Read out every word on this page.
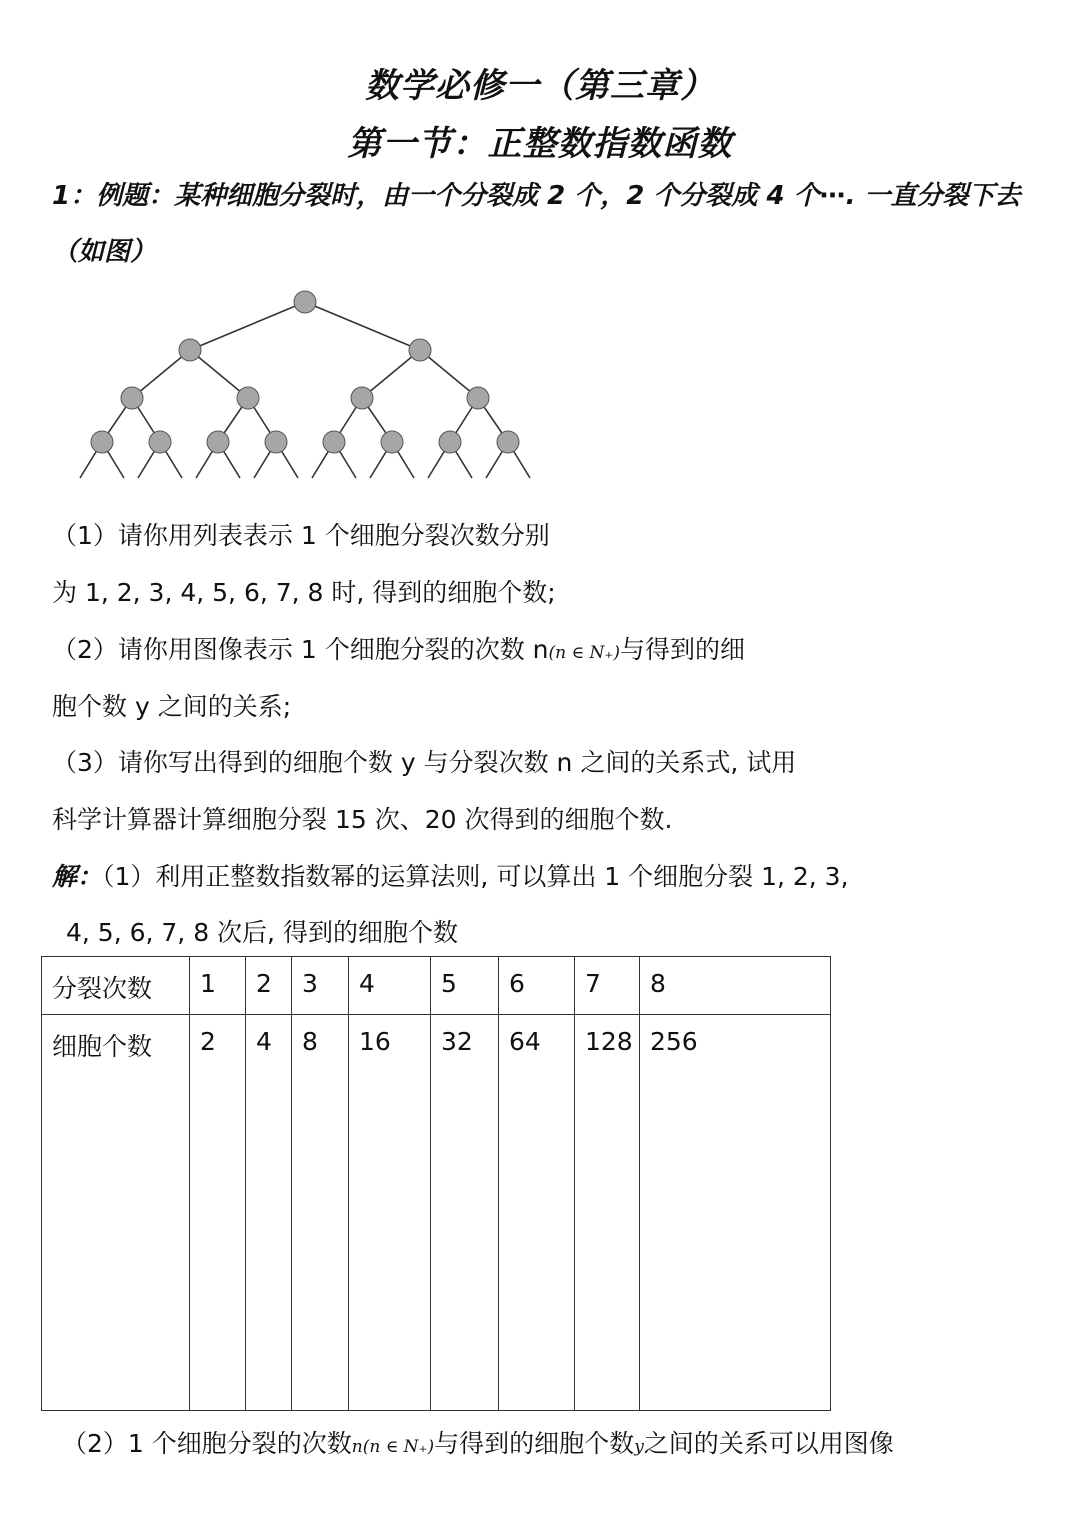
数学必修一（第三章）
第一节：正整数指数函数
1：例题：某种细胞分裂时，由一个分裂成 2 个，2 个分裂成 4 个⋯. 一直分裂下去（如图）
（1）请你用列表表示 1 个细胞分裂次数分别
为 1, 2, 3, 4, 5, 6, 7, 8 时, 得到的细胞个数;
（2）请你用图像表示 1 个细胞分裂的次数 n(n ∈ N₊)与得到的细
胞个数 y 之间的关系;
（3）请你写出得到的细胞个数 y 与分裂次数 n 之间的关系式, 试用
科学计算器计算细胞分裂 15 次、20 次得到的细胞个数.
解：（1）利用正整数指数幂的运算法则, 可以算出 1 个细胞分裂 1, 2, 3,
4, 5, 6, 7, 8 次后, 得到的细胞个数
分裂次数	1	2	3	4	5	6	7	8
细胞个数	2	4	8	16	32	64	128	256
（2）1 个细胞分裂的次数n(n ∈ N₊)与得到的细胞个数y之间的关系可以用图像
